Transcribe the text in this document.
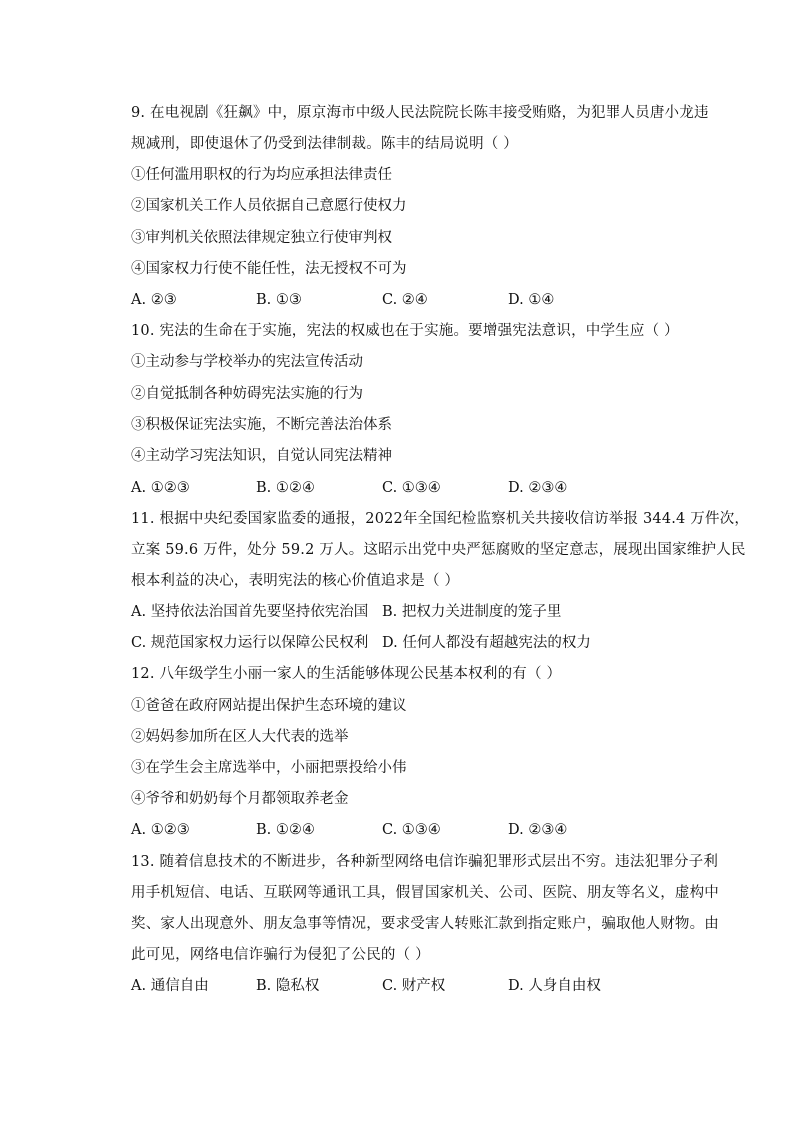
9. 在电视剧《狂飙》中，原京海市中级人民法院院长陈丰接受贿赂，为犯罪人员唐小龙违
规减刑，即使退休了仍受到法律制裁。陈丰的结局说明（ ）
①任何滥用职权的行为均应承担法律责任
②国家机关工作人员依据自己意愿行使权力
③审判机关依照法律规定独立行使审判权
④国家权力行使不能任性，法无授权不可为
A. ②③	B. ①③	C. ②④	D. ①④
10. 宪法的生命在于实施，宪法的权威也在于实施。要增强宪法意识，中学生应（ ）
①主动参与学校举办的宪法宣传活动
②自觉抵制各种妨碍宪法实施的行为
③积极保证宪法实施，不断完善法治体系
④主动学习宪法知识，自觉认同宪法精神
A. ①②③	B. ①②④	C. ①③④	D. ②③④
11. 根据中央纪委国家监委的通报，2022年全国纪检监察机关共接收信访举报 344.4 万件次，
立案 59.6 万件，处分 59.2 万人。这昭示出党中央严惩腐败的坚定意志，展现出国家维护人民
根本利益的决心，表明宪法的核心价值追求是（ ）
A. 坚持依法治国首先要坚持依宪治国 B. 把权力关进制度的笼子里
C. 规范国家权力运行以保障公民权利 D. 任何人都没有超越宪法的权力
12. 八年级学生小丽一家人的生活能够体现公民基本权利的有（ ）
①爸爸在政府网站提出保护生态环境的建议
②妈妈参加所在区人大代表的选举
③在学生会主席选举中，小丽把票投给小伟
④爷爷和奶奶每个月都领取养老金
A. ①②③	B. ①②④	C. ①③④	D. ②③④
13. 随着信息技术的不断进步，各种新型网络电信诈骗犯罪形式层出不穷。违法犯罪分子利
用手机短信、电话、互联网等通讯工具，假冒国家机关、公司、医院、朋友等名义，虚构中
奖、家人出现意外、朋友急事等情况，要求受害人转账汇款到指定账户，骗取他人财物。由
此可见，网络电信诈骗行为侵犯了公民的（ ）
A. 通信自由	B. 隐私权	C. 财产权	D. 人身自由权
